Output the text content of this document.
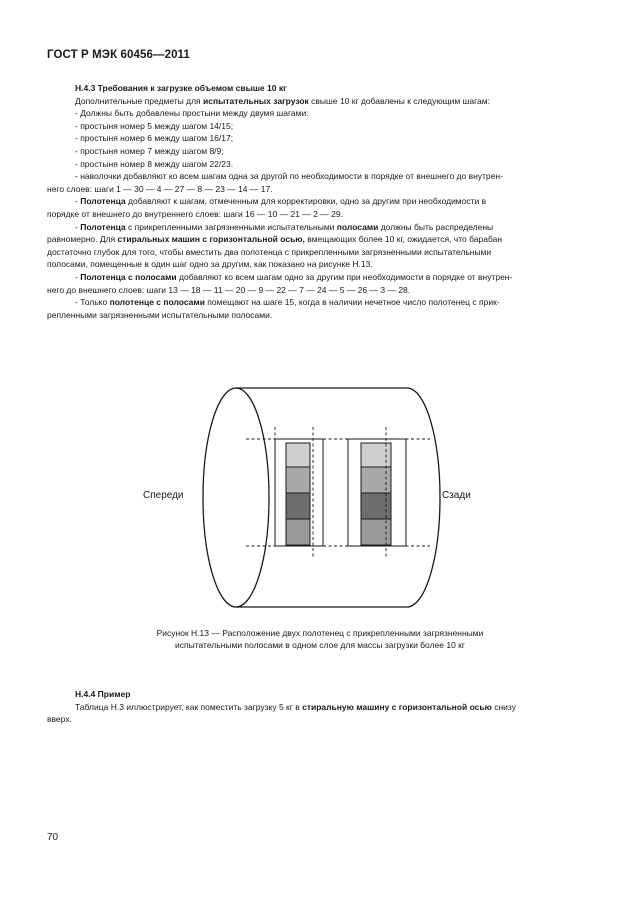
ГОСТ Р МЭК 60456—2011

H.4.3 Требования к загрузке объемом свыше 10 кг

Дополнительные предметы для испытательных загрузок свыше 10 кг добавлены к следующим шагам:

- Должны быть добавлены простыни между двумя шагами:

- простыня номер 5 между шагом 14/15;

- простыня номер 6 между шагом 16/17;

- простыня номер 7 между шагом 8/9;

- простыня номер 8 между шагом 22/23.

- наволочки добавляют ко всем шагам одна за другой по необходимости в порядке от внешнего до внутрен-

него слоев: шаги 1 — 30 — 4 — 27 — 8 — 23 — 14 — 17.

- Полотенца добавляют к шагам, отмеченным для корректировки, одно за другим при необходимости в

порядке от внешнего до внутреннего слоев: шаги 16 — 10 — 21 — 2 — 29.

- Полотенца с прикрепленными загрязненными испытательными полосами должны быть распределены

равномерно. Для стиральных машин с горизонтальной осью, вмещающих более 10 кг, ожидается, что барабан

достаточно глубок для того, чтобы вместить два полотенца с прикрепленными загрязненными испытательными

полосами, помещенные в один шаг одно за другим, как показано на рисунке Н.13.

- Полотенца с полосами добавляют ко всем шагам одно за другим при необходимости в порядке от внутрен-

него до внешнего слоев: шаги 13 — 18 — 11 — 20 — 9 — 22 — 7 — 24 — 5 — 26 — 3 — 28.

- Только полотенце с полосами помещают на шаге 15, когда в наличии нечетное число полотенец с прик-

репленными загрязненными испытательными полосами.

Спереди	Сзади
Рисунок Н.13 — Расположение двух полотенец с прикрепленными загрязненными
испытательными полосами в одном слое для массы загрузки более 10 кг

H.4.4 Пример

Таблица Н.3 иллюстрирует, как поместить загрузку 5 кг в стиральную машину с горизонтальной осью снизу

вверх.

70
